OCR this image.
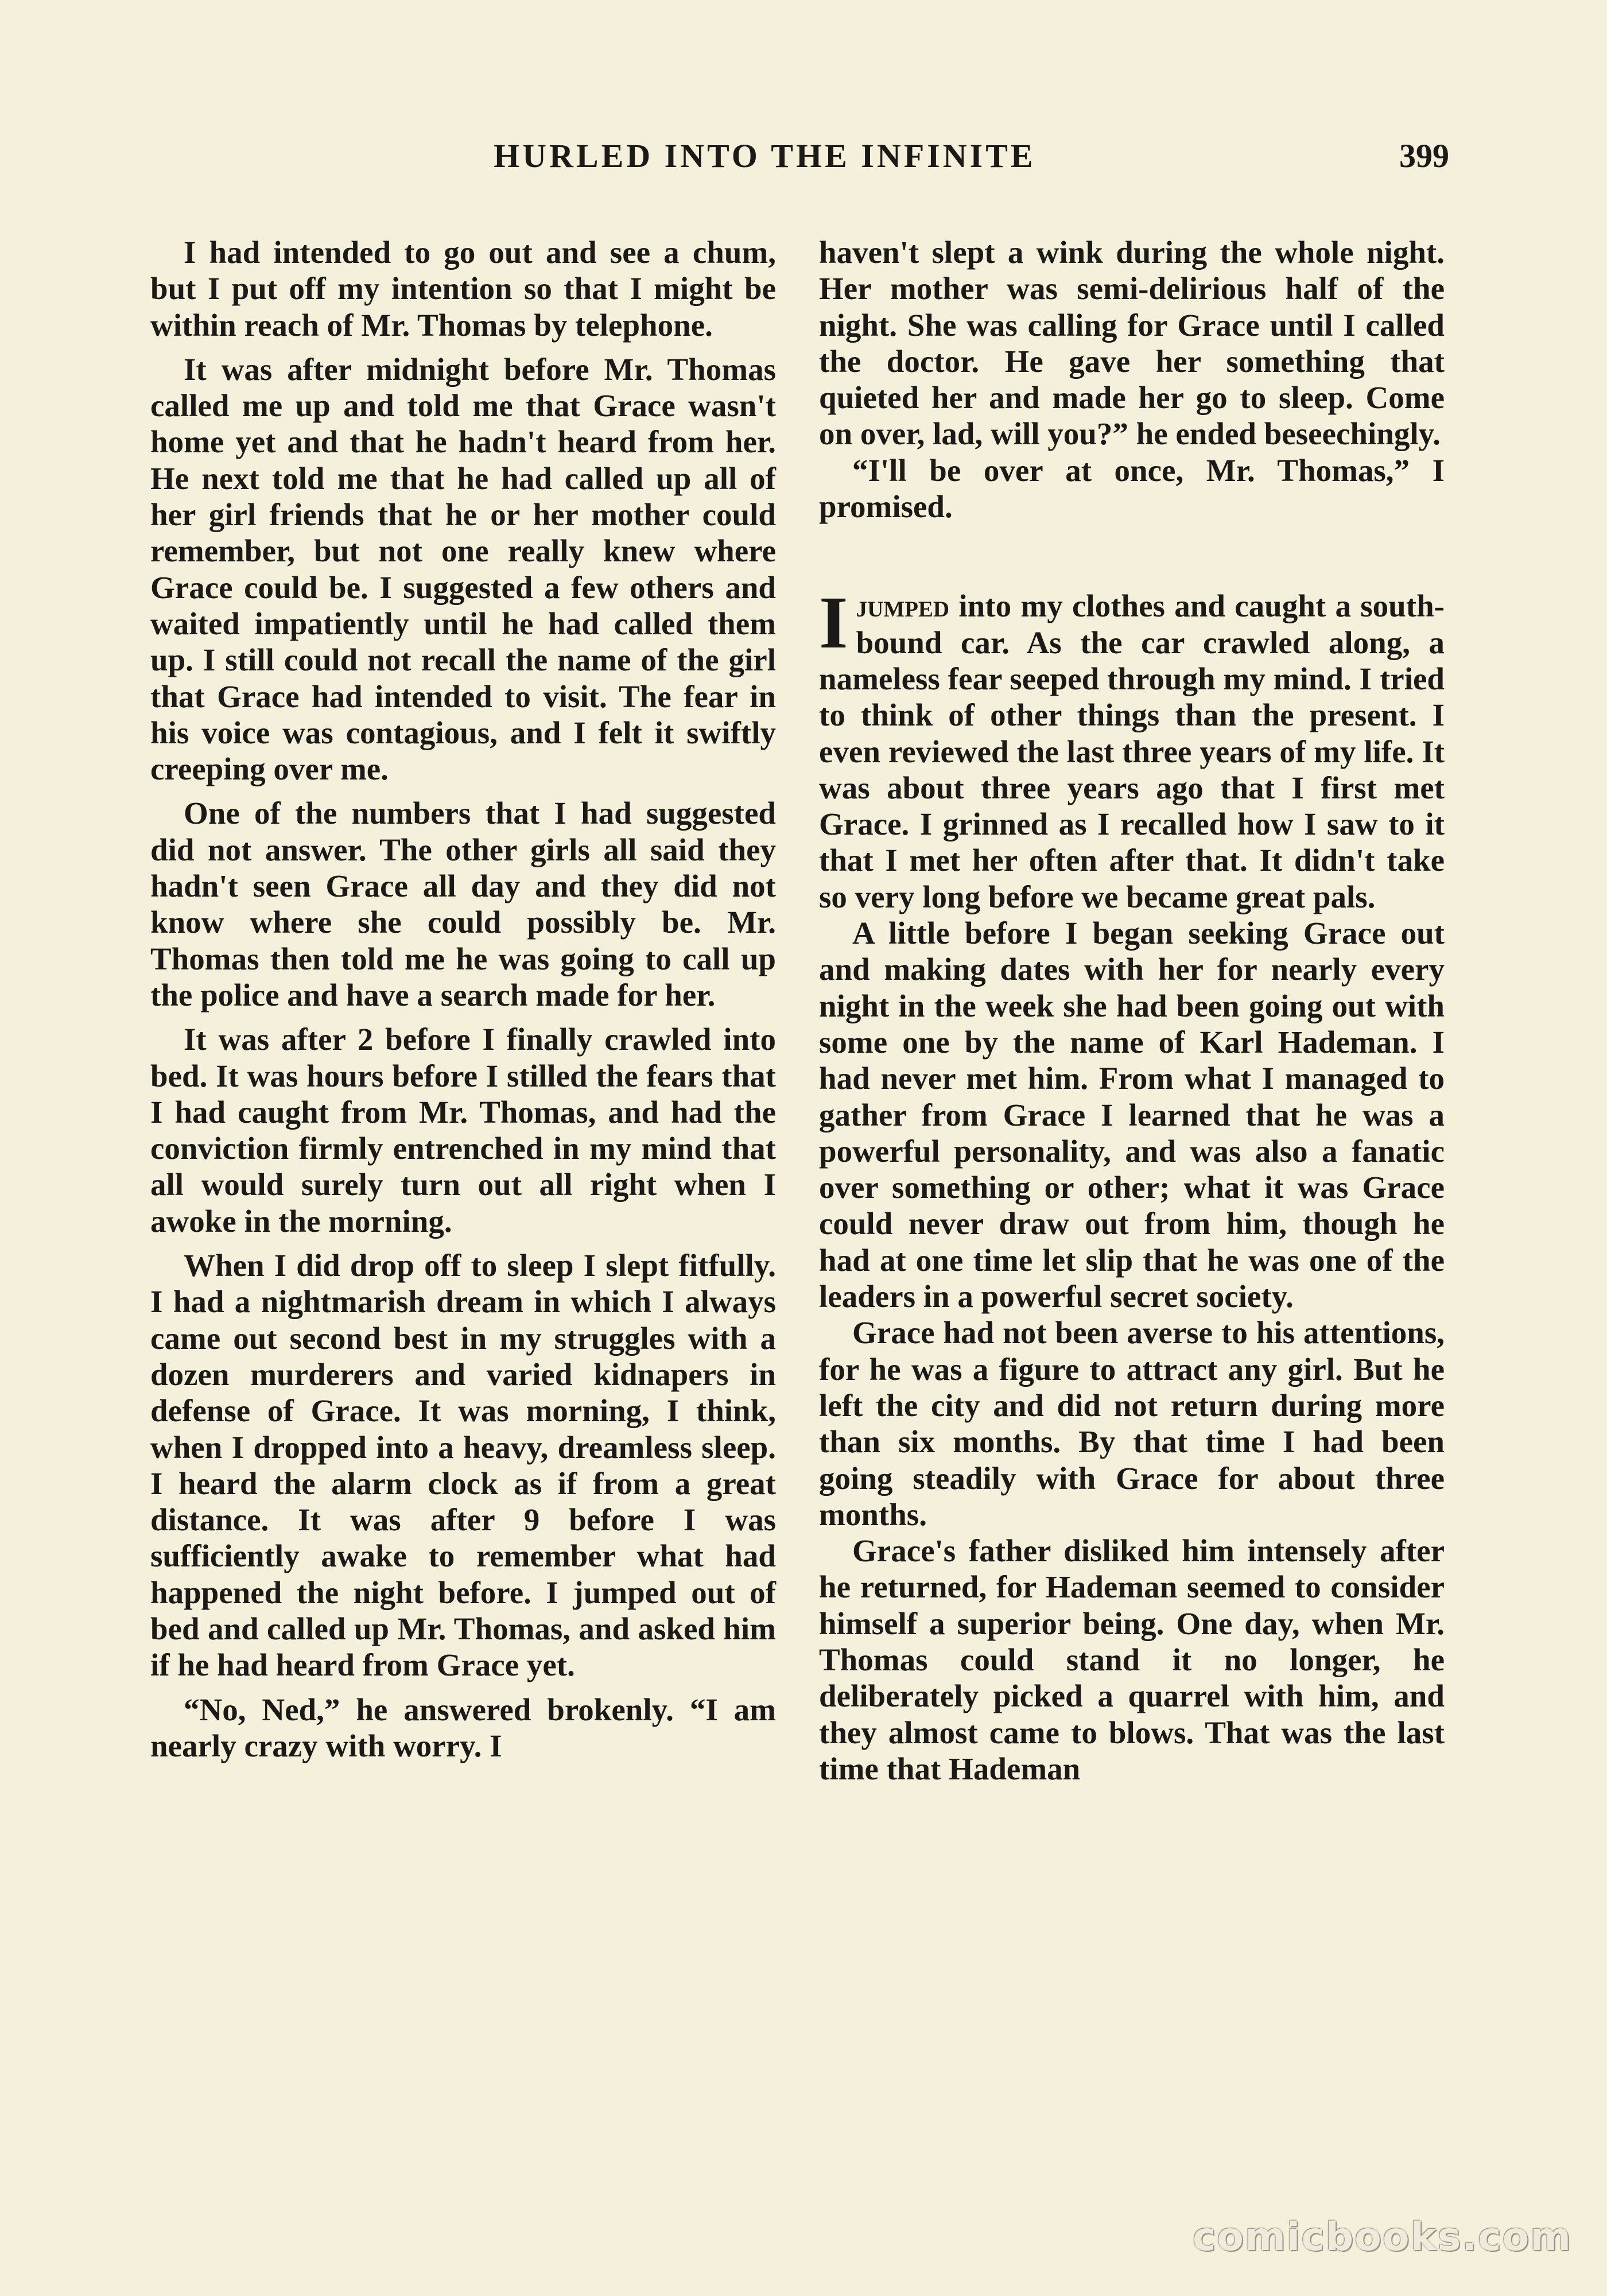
HURLED INTO THE INFINITE	399

I had intended to go out and see a chum, but I put off my intention so that I might be within reach of Mr. Thomas by telephone.

It was after midnight before Mr. Thomas called me up and told me that Grace wasn't home yet and that he hadn't heard from her. He next told me that he had called up all of her girl friends that he or her mother could remember, but not one really knew where Grace could be. I suggested a few others and waited impatiently until he had called them up. I still could not recall the name of the girl that Grace had intended to visit. The fear in his voice was contagious, and I felt it swiftly creeping over me.

One of the numbers that I had suggested did not answer. The other girls all said they hadn't seen Grace all day and they did not know where she could possibly be. Mr. Thomas then told me he was going to call up the police and have a search made for her.

It was after 2 before I finally crawled into bed. It was hours before I stilled the fears that I had caught from Mr. Thomas, and had the conviction firmly entrenched in my mind that all would surely turn out all right when I awoke in the morning.

When I did drop off to sleep I slept fitfully. I had a nightmarish dream in which I always came out second best in my struggles with a dozen murderers and varied kidnapers in defense of Grace. It was morning, I think, when I dropped into a heavy, dreamless sleep. I heard the alarm clock as if from a great distance. It was after 9 before I was sufficiently awake to remember what had happened the night before. I jumped out of bed and called up Mr. Thomas, and asked him if he had heard from Grace yet.

“No, Ned,” he answered brokenly. “I am nearly crazy with worry. I

haven't slept a wink during the whole night. Her mother was semi-delirious half of the night. She was calling for Grace until I called the doctor. He gave her something that quieted her and made her go to sleep. Come on over, lad, will you?” he ended beseechingly.

“I'll be over at once, Mr. Thomas,” I promised.

Ijumped into my clothes and caught a south-bound car. As the car crawled along, a nameless fear seeped through my mind. I tried to think of other things than the present. I even reviewed the last three years of my life. It was about three years ago that I first met Grace. I grinned as I recalled how I saw to it that I met her often after that. It didn't take so very long before we became great pals.

A little before I began seeking Grace out and making dates with her for nearly every night in the week she had been going out with some one by the name of Karl Hademan. I had never met him. From what I managed to gather from Grace I learned that he was a powerful personality, and was also a fanatic over something or other; what it was Grace could never draw out from him, though he had at one time let slip that he was one of the leaders in a powerful secret society.

Grace had not been averse to his attentions, for he was a figure to attract any girl. But he left the city and did not return during more than six months. By that time I had been going steadily with Grace for about three months.

Grace's father disliked him intensely after he returned, for Hademan seemed to consider himself a superior being. One day, when Mr. Thomas could stand it no longer, he deliberately picked a quarrel with him, and they almost came to blows. That was the last time that Hademan

comicbooks.com
